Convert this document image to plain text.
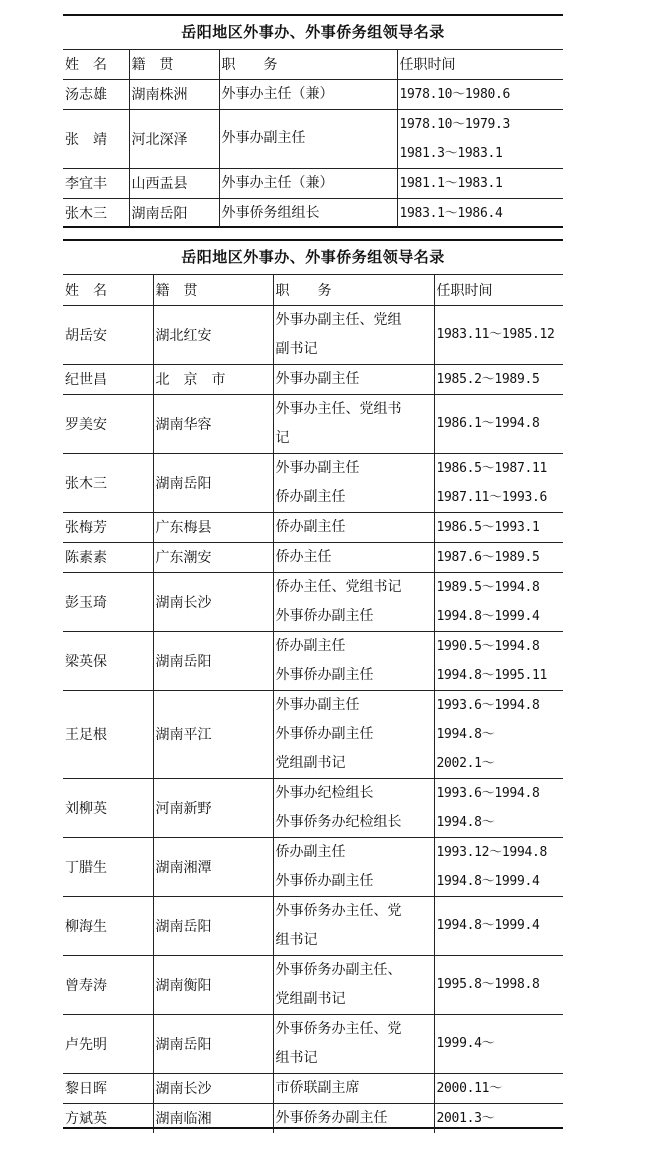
岳阳地区外事办、外事侨务组领导名录			
姓　名	籍　贯	职　　务	任职时间
汤志雄	湖南株洲	外事办主任（兼）	1978.10～1980.6

张　靖	河北深泽	外事办副主任	1978.10～1979.3
1981.3～1983.1

李宜丰	山西盂县	外事办主任（兼）	1981.1～1983.1

张木三	湖南岳阳	外事侨务组组长	1983.1～1986.4
岳阳地区外事办、外事侨务组领导名录			
姓　名	籍　贯	职　　务	任职时间
胡岳安	湖北红安	外事办副主任、党组
副书记	1983.11～1985.12

纪世昌	北　京　市	外事办副主任	1985.2～1989.5

罗美安	湖南华容	外事办主任、党组书
记	1986.1～1994.8

张木三	湖南岳阳	外事办副主任
侨办副主任	1986.5～1987.11
1987.11～1993.6

张梅芳	广东梅县	侨办副主任	1986.5～1993.1

陈素素	广东潮安	侨办主任	1987.6～1989.5

彭玉琦	湖南长沙	侨办主任、党组书记
外事侨办副主任	1989.5～1994.8
1994.8～1999.4

梁英保	湖南岳阳	侨办副主任
外事侨办副主任	1990.5～1994.8
1994.8～1995.11

王足根	湖南平江	外事办副主任
外事侨办副主任
党组副书记	1993.6～1994.8
1994.8～
2002.1～

刘柳英	河南新野	外事办纪检组长
外事侨务办纪检组长	1993.6～1994.8
1994.8～

丁腊生	湖南湘潭	侨办副主任
外事侨办副主任	1993.12～1994.8
1994.8～1999.4

柳海生	湖南岳阳	外事侨务办主任、党
组书记	1994.8～1999.4

曾寿涛	湖南衡阳	外事侨务办副主任、
党组副书记	1995.8～1998.8

卢先明	湖南岳阳	外事侨务办主任、党
组书记	1999.4～

黎日晖	湖南长沙	市侨联副主席	2000.11～

方斌英	湖南临湘	外事侨务办副主任	2001.3～
